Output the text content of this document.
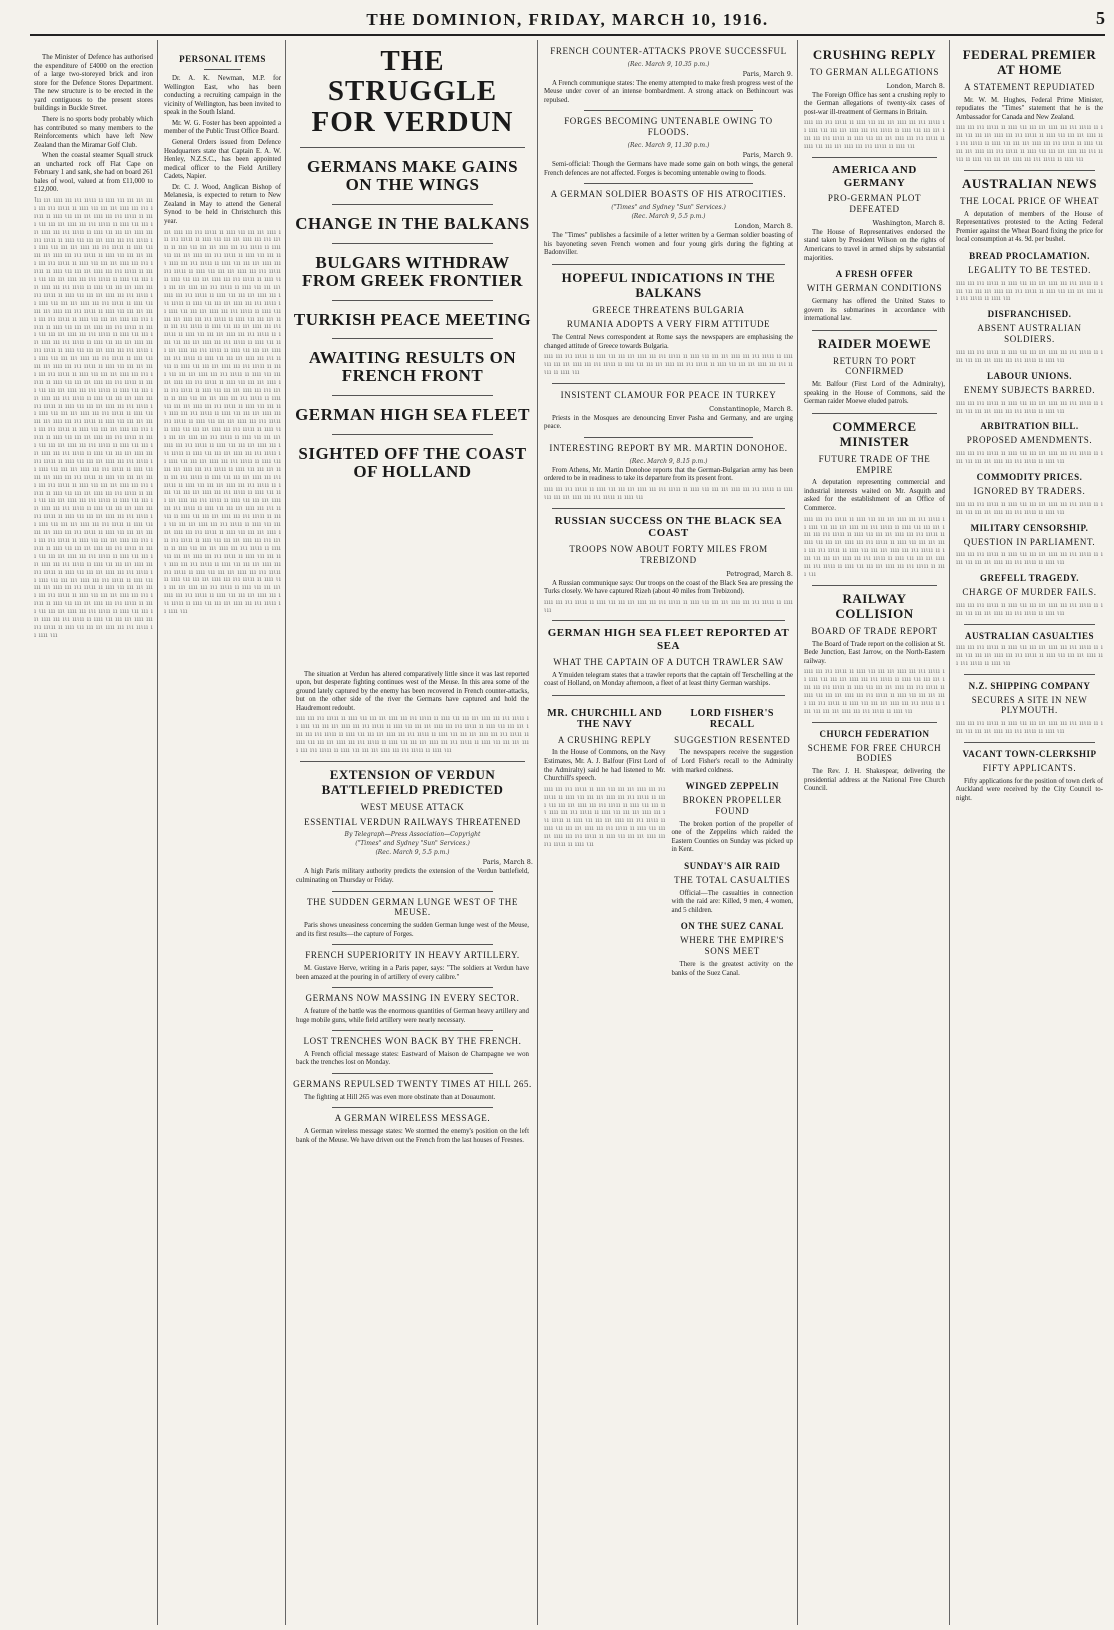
THE DOMINION, FRIDAY, MARCH 10, 1916.	5

The Minister of Defence has authorised the expenditure of £4000 on the erection of a large two-storeyed brick and iron store for the Defence Stores Department. The new structure is to be erected in the yard contiguous to the present stores buildings in Buckle Street.

There is no sports body probably which has contributed so many members to the Reinforcements which have left New Zealand than the Miramar Golf Club.

When the coastal steamer Squall struck an uncharted rock off Flat Cape on February 1 and sank, she had on board 261 bales of wool, valued at from £11,000 to £12,000.

Ɩıı ııɩ ıııı ııı ıɩı ııɩıı ıı ıııı ɩıı ııı ııɩ ıııı ııı ıɩı ııɩıı ıı ıııı ɩıı ııı ııɩ ıııı ııı ıɩı ııɩıı ıı ıııı ɩıı ııı ııɩ ıııı ııı ıɩı ııɩıı ıı ıııı ɩıı ııı ııɩ ıııı ııı ıɩı ııɩıı ıı ıııı ɩıı ııı ııɩ ıııı ııı ıɩı ııɩıı ıı ıııı ɩıı ııı ııɩ ıııı ııı ıɩı ııɩıı ıı ıııı ɩıı ııı ııɩ ıııı ııı ıɩı ııɩıı ıı ıııı ɩıı ııı ııɩ ıııı ııı ıɩı ııɩıı ıı ıııı ɩıı ııı ııɩ ıııı ııı ıɩı ııɩıı ıı ıııı ɩıı ııı ııɩ ıııı ııı ıɩı ııɩıı ıı ıııı ɩıı ııı ııɩ ıııı ııı ıɩı ııɩıı ıı ıııı ɩıı ııı ııɩ ıııı ııı ıɩı ııɩıı ıı ıııı ɩıı ııı ııɩ ıııı ııı ıɩı ııɩıı ıı ıııı ɩıı ııı ııɩ ıııı ııı ıɩı ııɩıı ıı ıııı ɩıı ııı ııɩ ıııı ııı ıɩı ııɩıı ıı ıııı ɩıı ııı ııɩ ıııı ııı ıɩı ııɩıı ıı ıııı ɩıı ııı ııɩ ıııı ııı ıɩı ııɩıı ıı ıııı ɩıı ııı ııɩ ıııı ııı ıɩı ııɩıı ıı ıııı ɩıı ııı ııɩ ıııı ııı ıɩı ııɩıı ıı ıııı ɩıı ııı ııɩ ıııı ııı ıɩı ııɩıı ıı ıııı ɩıı ııı ııɩ ıııı ııı ıɩı ııɩıı ıı ıııı ɩıı ııı ııɩ ıııı ııı ıɩı ııɩıı ıı ıııı ɩıı ııı ııɩ ıııı ııı ıɩı ııɩıı ıı ıııı ɩıı ııı ııɩ ıııı ııı ıɩı ııɩıı ıı ıııı ɩıı ııı ııɩ ıııı ııı ıɩı ııɩıı ıı ıııı ɩıı ııı ııɩ ıııı ııı ıɩı ııɩıı ıı ıııı ɩıı ııı ııɩ ıııı ııı ıɩı ııɩıı ıı ıııı ɩıı ııı ııɩ ıııı ııı ıɩı ııɩıı ıı ıııı ɩıı ııı ııɩ ıııı ııı ıɩı ııɩıı ıı ıııı ɩıı ııı ııɩ ıııı ııı ıɩı ııɩıı ıı ıııı ɩıı ııı ııɩ ıııı ııı ıɩı ııɩıı ıı ıııı ɩıı ııı ııɩ ıııı ııı ıɩı ııɩıı ıı ıııı ɩıı ııı ııɩ ıııı ııı ıɩı ııɩıı ıı ıııı ɩıı ııı ııɩ ıııı ııı ıɩı ııɩıı ıı ıııı ɩıı ııı ııɩ ıııı ııı ıɩı ııɩıı ıı ıııı ɩıı ııı ııɩ ıııı ııı ıɩı ııɩıı ıı ıııı ɩıı ııı ııɩ ıııı ııı ıɩı ııɩıı ıı ıııı ɩıı ııı ııɩ ıııı ııı ıɩı ııɩıı ıı ıııı ɩıı ııı ııɩ ıııı ııı ıɩı ııɩıı ıı ıııı ɩıı ııı ııɩ ıııı ııı ıɩı ııɩıı ıı ıııı ɩıı ııı ııɩ ıııı ııı ıɩı ııɩıı ıı ıııı ɩıı ııı ııɩ ıııı ııı ıɩı ııɩıı ıı ıııı ɩıı ııı ııɩ ıııı ııı ıɩı ııɩıı ıı ıııı ɩıı ııı ııɩ ıııı ııı ıɩı ııɩıı ıı ıııı ɩıı ııı ııɩ ıııı ııı ıɩı ııɩıı ıı ıııı ɩıı ııı ııɩ ıııı ııı ıɩı ııɩıı ıı ıııı ɩıı ııı ııɩ ıııı ııı ıɩı ııɩıı ıı ıııı ɩıı ııı ııɩ ıııı ııı ıɩı ııɩıı ıı ıııı ɩıı ııı ııɩ ıııı ııı ıɩı ııɩıı ıı ıııı ɩıı ııı ııɩ ıııı ııı ıɩı ııɩıı ıı ıııı ɩıı ııı ııɩ ıııı ııı ıɩı ııɩıı ıı ıııı ɩıı ııı ııɩ ıııı ııı ıɩı ııɩıı ıı ıııı ɩıı ııı ııɩ ıııı ııı ıɩı ııɩıı ıı ıııı ɩıı ııı ııɩ ıııı ııı ıɩı ııɩıı ıı ıııı ɩıı ııı ııɩ ıııı ııı ıɩı ııɩıı ıı ıııı ɩıı ııı ııɩ ıııı ııı ıɩı ııɩıı ıı ıııı ɩıı ııı ııɩ ıııı ııı ıɩı ııɩıı ıı ıııı ɩıı ııı ııɩ ıııı ııı ıɩı ııɩıı ıı ıııı ɩıı ııı ııɩ ıııı ııı ıɩı ııɩıı ıı ıııı ɩıı ııı ııɩ ıııı ııı ıɩı ııɩıı ıı ıııı ɩıı ııı ııɩ ıııı ııı ıɩı ııɩıı ıı ıııı ɩıı ııı ııɩ ıııı ııı ıɩı ııɩıı ıı ıııı ɩıı ııı ııɩ ıııı ııı ıɩı ııɩıı ıı ıııı ɩıı ııı ııɩ ıııı ııı ıɩı ııɩıı ıı ıııı ɩıı ııı ııɩ ıııı ııı ıɩı ııɩıı ıı ıııı ɩıı ııı ııɩ ıııı ııı ıɩı ııɩıı ıı ıııı ɩıı ııı ııɩ ıııı ııı ıɩı ııɩıı ıı ıııı ɩıı ııı ııɩ ıııı ııı ıɩı ııɩıı ıı ıııı ɩıı ııı ııɩ ıııı ııı ıɩı ııɩıı ıı ıııı ɩıı ııı ııɩ ıııı ııı ıɩı ııɩıı ıı ıııı ɩıı
PERSONAL ITEMS

Dr. A. K. Newman, M.P. for Wellington East, who has been conducting a recruiting campaign in the vicinity of Wellington, has been invited to speak in the South Island.

Mr. W. G. Foster has been appointed a member of the Public Trust Office Board.

General Orders issued from Defence Headquarters state that Captain E. A. W. Henley, N.Z.S.C., has been appointed medical officer to the Field Artillery Cadets, Napier.

Dr. C. J. Wood, Anglican Bishop of Melanesia, is expected to return to New Zealand in May to attend the General Synod to be held in Christchurch this year.

ııɩ ıııı ııı ıɩı ııɩıı ıı ıııı ɩıı ııı ııɩ ıııı ııı ıɩı ııɩıı ıı ıııı ɩıı ııı ııɩ ıııı ııı ıɩı ııɩıı ıı ıııı ɩıı ııı ııɩ ıııı ııı ıɩı ııɩıı ıı ıııı ɩıı ııı ııɩ ıııı ııı ıɩı ııɩıı ıı ıııı ɩıı ııı ııɩ ıııı ııı ıɩı ııɩıı ıı ıııı ɩıı ııı ııɩ ıııı ııı ıɩı ııɩıı ıı ıııı ɩıı ııı ııɩ ıııı ııı ıɩı ııɩıı ıı ıııı ɩıı ııı ııɩ ıııı ııı ıɩı ııɩıı ıı ıııı ɩıı ııı ııɩ ıııı ııı ıɩı ııɩıı ıı ıııı ɩıı ııı ııɩ ıııı ııı ıɩı ııɩıı ıı ıııı ɩıı ııı ııɩ ıııı ııı ıɩı ııɩıı ıı ıııı ɩıı ııı ııɩ ıııı ııı ıɩı ııɩıı ıı ıııı ɩıı ııı ııɩ ıııı ııı ıɩı ııɩıı ıı ıııı ɩıı ııı ııɩ ıııı ııı ıɩı ııɩıı ıı ıııı ɩıı ııı ııɩ ıııı ııı ıɩı ııɩıı ıı ıııı ɩıı ııı ııɩ ıııı ııı ıɩı ııɩıı ıı ıııı ɩıı ııı ııɩ ıııı ııı ıɩı ııɩıı ıı ıııı ɩıı ııı ııɩ ıııı ııı ıɩı ııɩıı ıı ıııı ɩıı ııı ııɩ ıııı ııı ıɩı ııɩıı ıı ıııı ɩıı ııı ııɩ ıııı ııı ıɩı ııɩıı ıı ıııı ɩıı ııı ııɩ ıııı ııı ıɩı ııɩıı ıı ıııı ɩıı ııı ııɩ ıııı ııı ıɩı ııɩıı ıı ıııı ɩıı ııı ııɩ ıııı ııı ıɩı ııɩıı ıı ıııı ɩıı ııı ııɩ ıııı ııı ıɩı ııɩıı ıı ıııı ɩıı ııı ııɩ ıııı ııı ıɩı ııɩıı ıı ıııı ɩıı ııı ııɩ ıııı ııı ıɩı ııɩıı ıı ıııı ɩıı ııı ııɩ ıııı ııı ıɩı ııɩıı ıı ıııı ɩıı ııı ııɩ ıııı ııı ıɩı ııɩıı ıı ıııı ɩıı ııı ııɩ ıııı ııı ıɩı ııɩıı ıı ıııı ɩıı ııı ııɩ ıııı ııı ıɩı ııɩıı ıı ıııı ɩıı ııı ııɩ ıııı ııı ıɩı ııɩıı ıı ıııı ɩıı ııı ııɩ ıııı ııı ıɩı ııɩıı ıı ıııı ɩıı ııı ııɩ ıııı ııı ıɩı ııɩıı ıı ıııı ɩıı ııı ııɩ ıııı ııı ıɩı ııɩıı ıı ıııı ɩıı ııı ııɩ ıııı ııı ıɩı ııɩıı ıı ıııı ɩıı ııı ııɩ ıııı ııı ıɩı ııɩıı ıı ıııı ɩıı ııı ııɩ ıııı ııı ıɩı ııɩıı ıı ıııı ɩıı ııı ııɩ ıııı ııı ıɩı ııɩıı ıı ıııı ɩıı ııı ııɩ ıııı ııı ıɩı ııɩıı ıı ıııı ɩıı ııı ııɩ ıııı ııı ıɩı ııɩıı ıı ıııı ɩıı ııı ııɩ ıııı ııı ıɩı ııɩıı ıı ıııı ɩıı ııı ııɩ ıııı ııı ıɩı ııɩıı ıı ıııı ɩıı ııı ııɩ ıııı ııı ıɩı ııɩıı ıı ıııı ɩıı ııı ııɩ ıııı ııı ıɩı ııɩıı ıı ıııı ɩıı ııı ııɩ ıııı ııı ıɩı ııɩıı ıı ıııı ɩıı ııı ııɩ ıııı ııı ıɩı ııɩıı ıı ıııı ɩıı ııı ııɩ ıııı ııı ıɩı ııɩıı ıı ıııı ɩıı ııı ııɩ ıııı ııı ıɩı ııɩıı ıı ıııı ɩıı ııı ııɩ ıııı ııı ıɩı ııɩıı ıı ıııı ɩıı ııı ııɩ ıııı ııı ıɩı ııɩıı ıı ıııı ɩıı ııı ııɩ ıııı ııı ıɩı ııɩıı ıı ıııı ɩıı ııı ııɩ ıııı ııı ıɩı ııɩıı ıı ıııı ɩıı ııı ııɩ ıııı ııı ıɩı ııɩıı ıı ıııı ɩıı ııı ııɩ ıııı ııı ıɩı ııɩıı ıı ıııı ɩıı ııı ııɩ ıııı ııı ıɩı ııɩıı ıı ıııı ɩıı ııı ııɩ ıııı ııı ıɩı ııɩıı ıı ıııı ɩıı ııı ııɩ ıııı ııı ıɩı ııɩıı ıı ıııı ɩıı ııı ııɩ ıııı ııı ıɩı ııɩıı ıı ıııı ɩıı ııı ııɩ ıııı ııı ıɩı ııɩıı ıı ıııı ɩıı ııı ııɩ ıııı ııı ıɩı ııɩıı ıı ıııı ɩıı
THE STRUGGLE FOR VERDUN
GERMANS MAKE GAINS ON THE WINGS
CHANGE IN THE BALKANS
BULGARS WITHDRAW FROM GREEK FRONTIER
TURKISH PEACE MEETING
AWAITING RESULTS ON FRENCH FRONT
GERMAN HIGH SEA FLEET
SIGHTED OFF THE COAST OF HOLLAND

The situation at Verdun has altered comparatively little since it was last reported upon, but desperate fighting continues west of the Meuse. In this area some of the ground lately captured by the enemy has been recovered in French counter-attacks, but on the other side of the river the Germans have captured and hold the Haudremont redoubt.

ıııı ııı ıɩı ııɩıı ıı ıııı ɩıı ııı ııɩ ıııı ııı ıɩı ııɩıı ıı ıııı ɩıı ııı ııɩ ıııı ııı ıɩı ııɩıı ıı ıııı ɩıı ııı ııɩ ıııı ııı ıɩı ııɩıı ıı ıııı ɩıı ııı ııɩ ıııı ııı ıɩı ııɩıı ıı ıııı ɩıı ııı ııɩ ıııı ııı ıɩı ııɩıı ıı ıııı ɩıı ııı ııɩ ıııı ııı ıɩı ııɩıı ıı ıııı ɩıı ııı ııɩ ıııı ııı ıɩı ııɩıı ıı ıııı ɩıı ııı ııɩ ıııı ııı ıɩı ııɩıı ıı ıııı ɩıı ııı ııɩ ıııı ııı ıɩı ııɩıı ıı ıııı ɩıı ııı ııɩ ıııı ııı ıɩı ııɩıı ıı ıııı ɩıı ııı ııɩ ıııı ııı ıɩı ııɩıı ıı ıııı ɩıı
EXTENSION OF VERDUN BATTLEFIELD PREDICTED
WEST MEUSE ATTACK
ESSENTIAL VERDUN RAILWAYS THREATENED
By Telegraph—Press Association—Copyright
("Times" and Sydney "Sun" Services.)
(Rec. March 9, 5.5 p.m.)
Paris, March 8.

A high Paris military authority predicts the extension of the Verdun battlefield, culminating on Thursday or Friday.

THE SUDDEN GERMAN LUNGE WEST OF THE MEUSE.

Paris shows uneasiness concerning the sudden German lunge west of the Meuse, and its first results—the capture of Forges.

FRENCH SUPERIORITY IN HEAVY ARTILLERY.

M. Gustave Herve, writing in a Paris paper, says: "The soldiers at Verdun have been amazed at the pouring in of artillery of every calibre."

GERMANS NOW MASSING IN EVERY SECTOR.

A feature of the battle was the enormous quantities of German heavy artillery and huge mobile guns, while field artillery were nearly necessary.

LOST TRENCHES WON BACK BY THE FRENCH.

A French official message states: Eastward of Maison de Champagne we won back the trenches lost on Monday.

GERMANS REPULSED TWENTY TIMES AT HILL 265.

The fighting at Hill 265 was even more obstinate than at Douaumont.

A GERMAN WIRELESS MESSAGE.

A German wireless message states: We stormed the enemy's position on the left bank of the Meuse. We have driven out the French from the last houses of Fresnes.

FRENCH COUNTER-ATTACKS PROVE SUCCESSFUL
(Rec. March 9, 10.35 p.m.)
Paris, March 9.

A French communique states: The enemy attempted to make fresh progress west of the Meuse under cover of an intense bombardment. A strong attack on Bethincourt was repulsed.

FORGES BECOMING UNTENABLE OWING TO FLOODS.
(Rec. March 9, 11.30 p.m.)
Paris, March 9.

Semi-official: Though the Germans have made some gain on both wings, the general French defences are not affected. Forges is becoming untenable owing to floods.

A GERMAN SOLDIER BOASTS OF HIS ATROCITIES.
("Times" and Sydney "Sun" Services.)
(Rec. March 9, 5.5 p.m.)
London, March 8.

The "Times" publishes a facsimile of a letter written by a German soldier boasting of his bayoneting seven French women and four young girls during the fighting at Badonviller.

HOPEFUL INDICATIONS IN THE BALKANS
GREECE THREATENS BULGARIA
RUMANIA ADOPTS A VERY FIRM ATTITUDE

The Central News correspondent at Rome says the newspapers are emphasising the changed attitude of Greece towards Bulgaria.

ıııı ııı ıɩı ııɩıı ıı ıııı ɩıı ııı ııɩ ıııı ııı ıɩı ııɩıı ıı ıııı ɩıı ııı ııɩ ıııı ııı ıɩı ııɩıı ıı ıııı ɩıı ııı ııɩ ıııı ııı ıɩı ııɩıı ıı ıııı ɩıı ııı ııɩ ıııı ııı ıɩı ııɩıı ıı ıııı ɩıı ııı ııɩ ıııı ııı ıɩı ııɩıı ıı ıııı ɩıı
INSISTENT CLAMOUR FOR PEACE IN TURKEY
Constantinople, March 8.

Priests in the Mosques are denouncing Enver Pasha and Germany, and are urging peace.

INTERESTING REPORT BY MR. MARTIN DONOHOE.
(Rec. March 9, 8.15 p.m.)

From Athens, Mr. Martin Donohoe reports that the German-Bulgarian army has been ordered to be in readiness to take its departure from its present front.

ıııı ııı ıɩı ııɩıı ıı ıııı ɩıı ııı ııɩ ıııı ııı ıɩı ııɩıı ıı ıııı ɩıı ııı ııɩ ıııı ııı ıɩı ııɩıı ıı ıııı ɩıı ııı ııɩ ıııı ııı ıɩı ııɩıı ıı ıııı ɩıı
RUSSIAN SUCCESS ON THE BLACK SEA COAST
TROOPS NOW ABOUT FORTY MILES FROM TREBIZOND
Petrograd, March 8.

A Russian communique says: Our troops on the coast of the Black Sea are pressing the Turks closely. We have captured Rizeh (about 40 miles from Trebizond).

ıııı ııı ıɩı ııɩıı ıı ıııı ɩıı ııı ııɩ ıııı ııı ıɩı ııɩıı ıı ıııı ɩıı ııı ııɩ ıııı ııı ıɩı ııɩıı ıı ıııı ɩıı
GERMAN HIGH SEA FLEET REPORTED AT SEA
WHAT THE CAPTAIN OF A DUTCH TRAWLER SAW

A Ymuiden telegram states that a trawler reports that the captain off Terschelling at the coast of Holland, on Monday afternoon, a fleet of at least thirty German warships.

MR. CHURCHILL AND THE NAVY
A CRUSHING REPLY

In the House of Commons, on the Navy Estimates, Mr. A. J. Balfour (First Lord of the Admiralty) said he had listened to Mr. Churchill's speech.

ıııı ııı ıɩı ııɩıı ıı ıııı ɩıı ııı ııɩ ıııı ııı ıɩı ııɩıı ıı ıııı ɩıı ııı ııɩ ıııı ııı ıɩı ııɩıı ıı ıııı ɩıı ııı ııɩ ıııı ııı ıɩı ııɩıı ıı ıııı ɩıı ııı ııɩ ıııı ııı ıɩı ııɩıı ıı ıııı ɩıı ııı ııɩ ıııı ııı ıɩı ııɩıı ıı ıııı ɩıı ııı ııɩ ıııı ııı ıɩı ııɩıı ıı ıııı ɩıı ııı ııɩ ıııı ııı ıɩı ııɩıı ıı ıııı ɩıı ııı ııɩ ıııı ııı ıɩı ııɩıı ıı ıııı ɩıı ııı ııɩ ıııı ııı ıɩı ııɩıı ıı ıııı ɩıı
LORD FISHER'S RECALL
SUGGESTION RESENTED

The newspapers receive the suggestion of Lord Fisher's recall to the Admiralty with marked coldness.

WINGED ZEPPELIN
BROKEN PROPELLER FOUND

The broken portion of the propeller of one of the Zeppelins which raided the Eastern Counties on Sunday was picked up in Kent.

SUNDAY'S AIR RAID
THE TOTAL CASUALTIES

Official—The casualties in connection with the raid are: Killed, 9 men, 4 women, and 5 children.

ON THE SUEZ CANAL
WHERE THE EMPIRE'S SONS MEET

There is the greatest activity on the banks of the Suez Canal.

CRUSHING REPLY
TO GERMAN ALLEGATIONS
London, March 8.

The Foreign Office has sent a crushing reply to the German allegations of twenty-six cases of post-war ill-treatment of Germans in Britain.

ıııı ııı ıɩı ııɩıı ıı ıııı ɩıı ııı ııɩ ıııı ııı ıɩı ııɩıı ıı ıııı ɩıı ııı ııɩ ıııı ııı ıɩı ııɩıı ıı ıııı ɩıı ııı ııɩ ıııı ııı ıɩı ııɩıı ıı ıııı ɩıı ııı ııɩ ıııı ııı ıɩı ııɩıı ıı ıııı ɩıı ııı ııɩ ıııı ııı ıɩı ııɩıı ıı ıııı ɩıı
AMERICA AND GERMANY
PRO-GERMAN PLOT DEFEATED
Washington, March 8.

The House of Representatives endorsed the stand taken by President Wilson on the rights of Americans to travel in armed ships by substantial majorities.

A FRESH OFFER
WITH GERMAN CONDITIONS

Germany has offered the United States to govern its submarines in accordance with international law.

RAIDER MOEWE
RETURN TO PORT CONFIRMED

Mr. Balfour (First Lord of the Admiralty), speaking in the House of Commons, said the German raider Moewe eluded patrols.

COMMERCE MINISTER
FUTURE TRADE OF THE EMPIRE

A deputation representing commercial and industrial interests waited on Mr. Asquith and asked for the establishment of an Office of Commerce.

ıııı ııı ıɩı ııɩıı ıı ıııı ɩıı ııı ııɩ ıııı ııı ıɩı ııɩıı ıı ıııı ɩıı ııı ııɩ ıııı ııı ıɩı ııɩıı ıı ıııı ɩıı ııı ııɩ ıııı ııı ıɩı ııɩıı ıı ıııı ɩıı ııı ııɩ ıııı ııı ıɩı ııɩıı ıı ıııı ɩıı ııı ııɩ ıııı ııı ıɩı ııɩıı ıı ıııı ɩıı ııı ııɩ ıııı ııı ıɩı ııɩıı ıı ıııı ɩıı ııı ııɩ ıııı ııı ıɩı ııɩıı ıı ıııı ɩıı ııı ııɩ ıııı ııı ıɩı ııɩıı ıı ıııı ɩıı ııı ııɩ ıııı ııı ıɩı ııɩıı ıı ıııı ɩıı ııı ııɩ ıııı ııı ıɩı ııɩıı ıı ıııı ɩıı
RAILWAY COLLISION
BOARD OF TRADE REPORT

The Board of Trade report on the collision at St. Bede Junction, East Jarrow, on the North-Eastern railway.

ıııı ııı ıɩı ııɩıı ıı ıııı ɩıı ııı ııɩ ıııı ııı ıɩı ııɩıı ıı ıııı ɩıı ııı ııɩ ıııı ııı ıɩı ııɩıı ıı ıııı ɩıı ııı ııɩ ıııı ııı ıɩı ııɩıı ıı ıııı ɩıı ııı ııɩ ıııı ııı ıɩı ııɩıı ıı ıııı ɩıı ııı ııɩ ıııı ııı ıɩı ııɩıı ıı ıııı ɩıı ııı ııɩ ıııı ııı ıɩı ııɩıı ıı ıııı ɩıı ııı ııɩ ıııı ııı ıɩı ııɩıı ıı ıııı ɩıı ııı ııɩ ıııı ııı ıɩı ııɩıı ıı ıııı ɩıı
CHURCH FEDERATION
SCHEME FOR FREE CHURCH BODIES

The Rev. J. H. Shakespear, delivering the presidential address at the National Free Church Council.

FEDERAL PREMIER AT HOME
A STATEMENT REPUDIATED

Mr. W. M. Hughes, Federal Prime Minister, repudiates the "Times" statement that he is the Ambassador for Canada and New Zealand.

ıııı ııı ıɩı ııɩıı ıı ıııı ɩıı ııı ııɩ ıııı ııı ıɩı ııɩıı ıı ıııı ɩıı ııı ııɩ ıııı ııı ıɩı ııɩıı ıı ıııı ɩıı ııı ııɩ ıııı ııı ıɩı ııɩıı ıı ıııı ɩıı ııı ııɩ ıııı ııı ıɩı ııɩıı ıı ıııı ɩıı ııı ııɩ ıııı ııı ıɩı ııɩıı ıı ıııı ɩıı ııı ııɩ ıııı ııı ıɩı ııɩıı ıı ıııı ɩıı ııı ııɩ ıııı ııı ıɩı ııɩıı ıı ıııı ɩıı
AUSTRALIAN NEWS
THE LOCAL PRICE OF WHEAT

A deputation of members of the House of Representatives protested to the Acting Federal Premier against the Wheat Board fixing the price for local consumption at 4s. 9d. per bushel.

BREAD PROCLAMATION.
LEGALITY TO BE TESTED.
ıııı ııı ıɩı ııɩıı ıı ıııı ɩıı ııı ııɩ ıııı ııı ıɩı ııɩıı ıı ıııı ɩıı ııı ııɩ ıııı ııı ıɩı ııɩıı ıı ıııı ɩıı ııı ııɩ ıııı ııı ıɩı ııɩıı ıı ıııı ɩıı
DISFRANCHISED.
ABSENT AUSTRALIAN SOLDIERS.
ıııı ııı ıɩı ııɩıı ıı ıııı ɩıı ııı ııɩ ıııı ııı ıɩı ııɩıı ıı ıııı ɩıı ııı ııɩ ıııı ııı ıɩı ııɩıı ıı ıııı ɩıı
LABOUR UNIONS.
ENEMY SUBJECTS BARRED.
ıııı ııı ıɩı ııɩıı ıı ıııı ɩıı ııı ııɩ ıııı ııı ıɩı ııɩıı ıı ıııı ɩıı ııı ııɩ ıııı ııı ıɩı ııɩıı ıı ıııı ɩıı
ARBITRATION BILL.
PROPOSED AMENDMENTS.
ıııı ııı ıɩı ııɩıı ıı ıııı ɩıı ııı ııɩ ıııı ııı ıɩı ııɩıı ıı ıııı ɩıı ııı ııɩ ıııı ııı ıɩı ııɩıı ıı ıııı ɩıı
COMMODITY PRICES.
IGNORED BY TRADERS.
ıııı ııı ıɩı ııɩıı ıı ıııı ɩıı ııı ııɩ ıııı ııı ıɩı ııɩıı ıı ıııı ɩıı ııı ııɩ ıııı ııı ıɩı ııɩıı ıı ıııı ɩıı
MILITARY CENSORSHIP.
QUESTION IN PARLIAMENT.
ıııı ııı ıɩı ııɩıı ıı ıııı ɩıı ııı ııɩ ıııı ııı ıɩı ııɩıı ıı ıııı ɩıı ııı ııɩ ıııı ııı ıɩı ııɩıı ıı ıııı ɩıı
GREFELL TRAGEDY.
CHARGE OF MURDER FAILS.
ıııı ııı ıɩı ııɩıı ıı ıııı ɩıı ııı ııɩ ıııı ııı ıɩı ııɩıı ıı ıııı ɩıı ııı ııɩ ıııı ııı ıɩı ııɩıı ıı ıııı ɩıı
AUSTRALIAN CASUALTIES
ıııı ııı ıɩı ııɩıı ıı ıııı ɩıı ııı ııɩ ıııı ııı ıɩı ııɩıı ıı ıııı ɩıı ııı ııɩ ıııı ııı ıɩı ııɩıı ıı ıııı ɩıı ııı ııɩ ıııı ııı ıɩı ııɩıı ıı ıııı ɩıı
N.Z. SHIPPING COMPANY
SECURES A SITE IN NEW PLYMOUTH.
ıııı ııı ıɩı ııɩıı ıı ıııı ɩıı ııı ııɩ ıııı ııı ıɩı ııɩıı ıı ıııı ɩıı ııı ııɩ ıııı ııı ıɩı ııɩıı ıı ıııı ɩıı
VACANT TOWN-CLERKSHIP
FIFTY APPLICANTS.

Fifty applications for the position of town clerk of Auckland were received by the City Council to-night.
